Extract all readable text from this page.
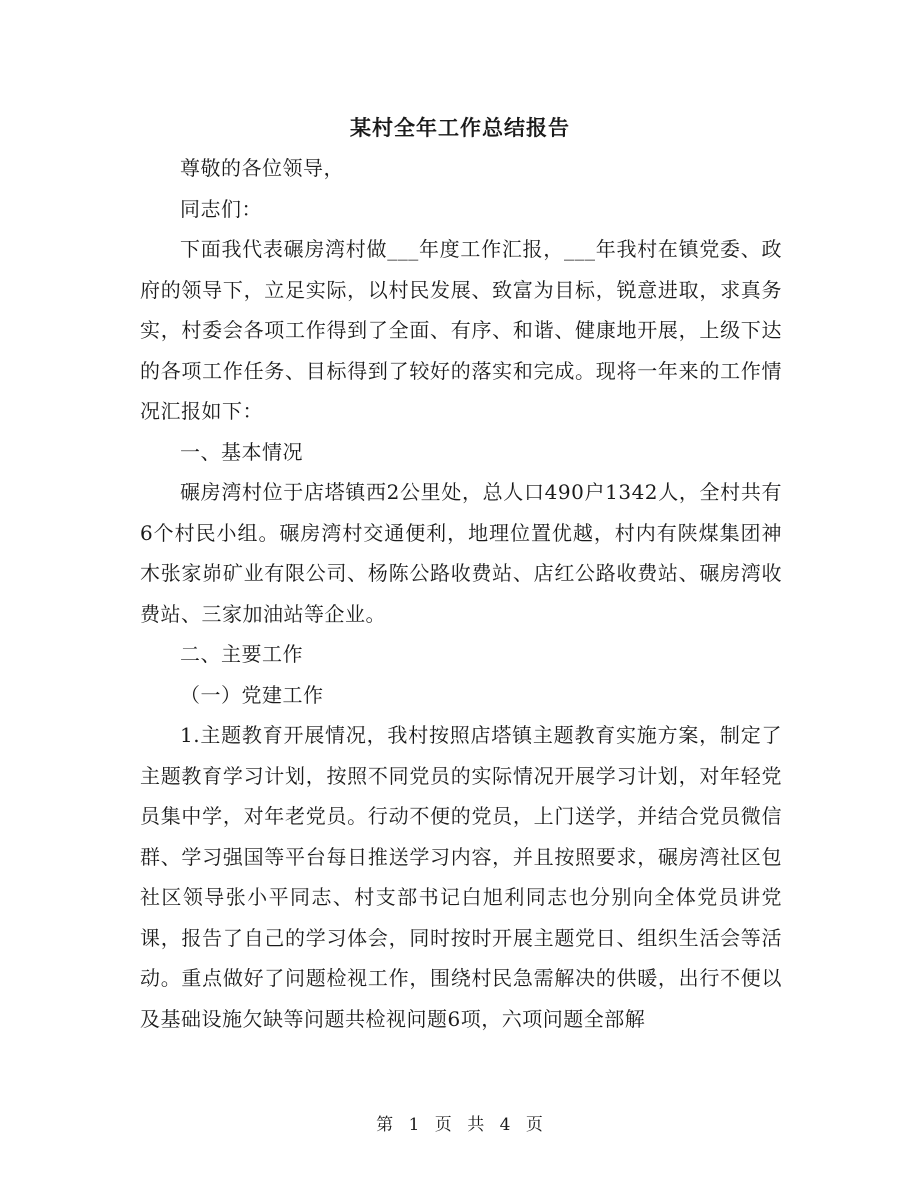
某村全年工作总结报告

尊敬的各位领导，

同志们：

下面我代表碾房湾村做___年度工作汇报，___年我村在镇党委、政府的领导下，立足实际，以村民发展、致富为目标，锐意进取，求真务实，村委会各项工作得到了全面、有序、和谐、健康地开展，上级下达的各项工作任务、目标得到了较好的落实和完成。现将一年来的工作情况汇报如下：

一、基本情况

碾房湾村位于店塔镇西2公里处，总人口490户1342人，全村共有6个村民小组。碾房湾村交通便利，地理位置优越，村内有陕煤集团神木张家峁矿业有限公司、杨陈公路收费站、店红公路收费站、碾房湾收费站、三家加油站等企业。

二、主要工作

（一）党建工作

1.主题教育开展情况，我村按照店塔镇主题教育实施方案，制定了主题教育学习计划，按照不同党员的实际情况开展学习计划，对年轻党员集中学，对年老党员。行动不便的党员，上门送学，并结合党员微信群、学习强国等平台每日推送学习内容，并且按照要求，碾房湾社区包社区领导张小平同志、村支部书记白旭利同志也分别向全体党员讲党课，报告了自己的学习体会，同时按时开展主题党日、组织生活会等活动。重点做好了问题检视工作，围绕村民急需解决的供暖，出行不便以及基础设施欠缺等问题共检视问题6项，六项问题全部解

第 1 页 共 4 页
